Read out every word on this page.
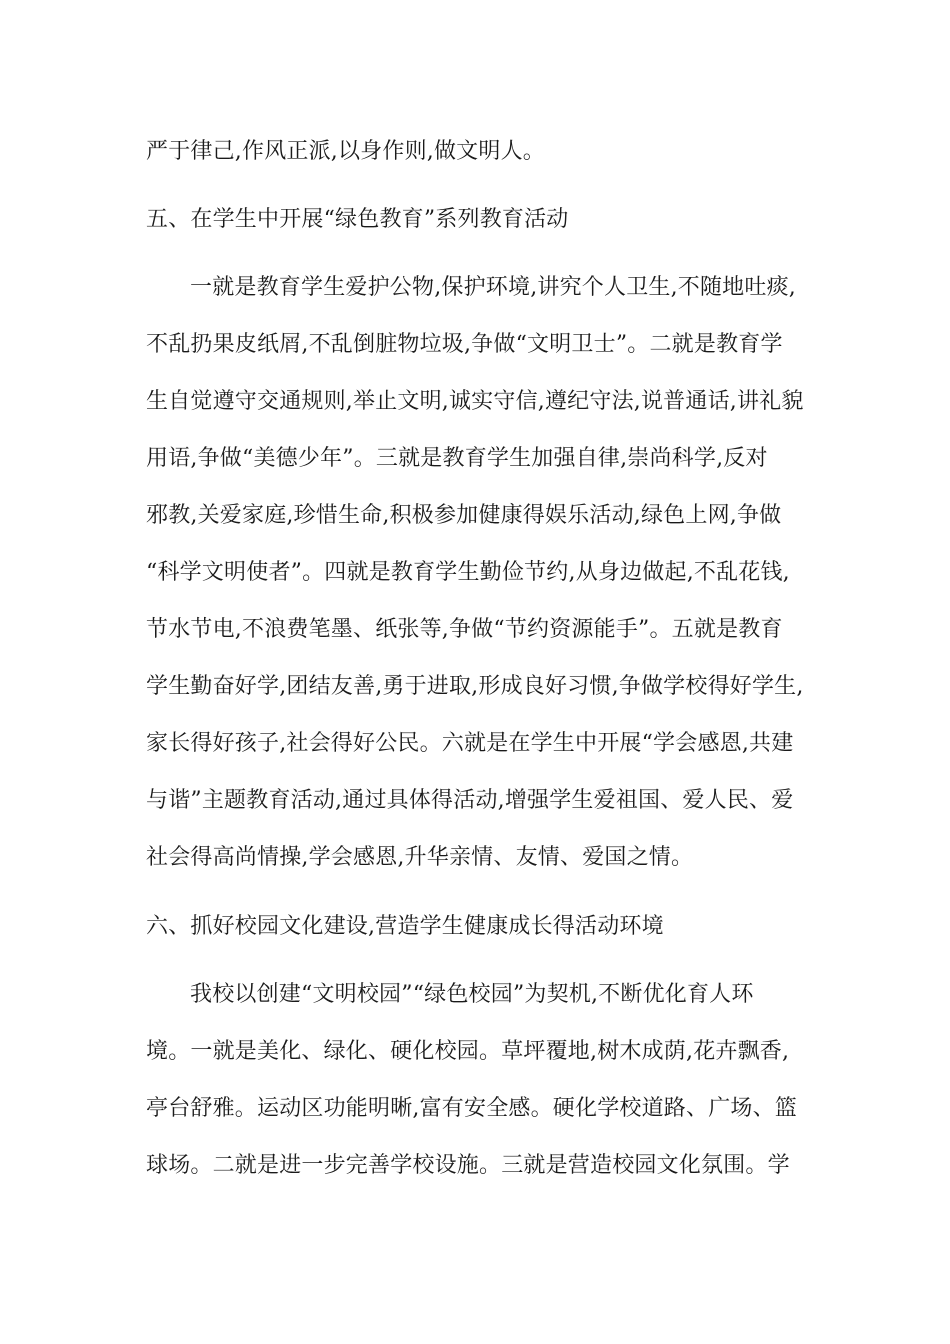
严于律己,作风正派,以身作则,做文明人。

五、在学生中开展“绿色教育”系列教育活动

一就是教育学生爱护公物,保护环境,讲究个人卫生,不随地吐痰,

不乱扔果皮纸屑,不乱倒脏物垃圾,争做“文明卫士”。二就是教育学

生自觉遵守交通规则,举止文明,诚实守信,遵纪守法,说普通话,讲礼貌

用语,争做“美德少年”。三就是教育学生加强自律,崇尚科学,反对

邪教,关爱家庭,珍惜生命,积极参加健康得娱乐活动,绿色上网,争做

“科学文明使者”。四就是教育学生勤俭节约,从身边做起,不乱花钱,

节水节电,不浪费笔墨、纸张等,争做“节约资源能手”。五就是教育

学生勤奋好学,团结友善,勇于进取,形成良好习惯,争做学校得好学生,

家长得好孩子,社会得好公民。六就是在学生中开展“学会感恩,共建

与谐”主题教育活动,通过具体得活动,增强学生爱祖国、爱人民、爱

社会得高尚情操,学会感恩,升华亲情、友情、爱国之情。

六、抓好校园文化建设,营造学生健康成长得活动环境

我校以创建“文明校园”“绿色校园”为契机,不断优化育人环

境。一就是美化、绿化、硬化校园。草坪覆地,树木成荫,花卉飘香,

亭台舒雅。运动区功能明晰,富有安全感。硬化学校道路、广场、篮

球场。二就是进一步完善学校设施。三就是营造校园文化氛围。学
